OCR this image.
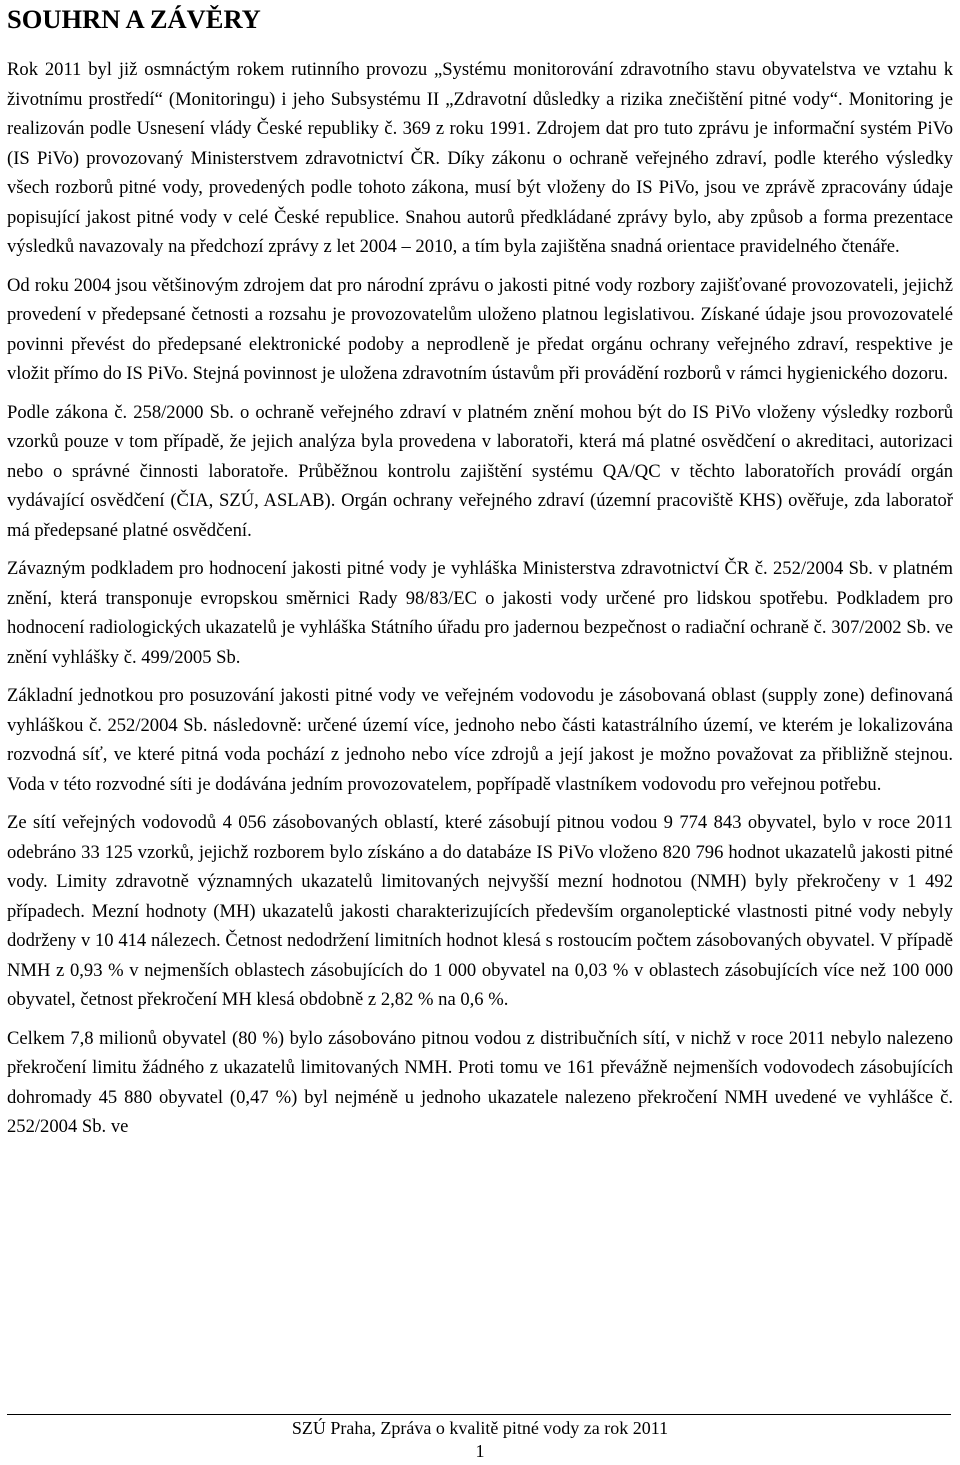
SOUHRN A ZÁVĚRY

Rok 2011 byl již osmnáctým rokem rutinního provozu „Systému monitorování zdravotního stavu obyvatelstva ve vztahu k životnímu prostředí“ (Monitoringu) i jeho Subsystému II „Zdravotní důsledky a rizika znečištění pitné vody“. Monitoring je realizován podle Usnesení vlády České republiky č. 369 z roku 1991. Zdrojem dat pro tuto zprávu je informační systém PiVo (IS PiVo) provozovaný Ministerstvem zdravotnictví ČR. Díky zákonu o ochraně veřejného zdraví, podle kterého výsledky všech rozborů pitné vody, provedených podle tohoto zákona, musí být vloženy do IS PiVo, jsou ve zprávě zpracovány údaje popisující jakost pitné vody v celé České republice. Snahou autorů předkládané zprávy bylo, aby způsob a forma prezentace výsledků navazovaly na předchozí zprávy z let 2004 – 2010, a tím byla zajištěna snadná orientace pravidelného čtenáře.

Od roku 2004 jsou většinovým zdrojem dat pro národní zprávu o jakosti pitné vody rozbory zajišťované provozovateli, jejichž provedení v předepsané četnosti a rozsahu je provozovatelům uloženo platnou legislativou. Získané údaje jsou provozovatelé povinni převést do předepsané elektronické podoby a neprodleně je předat orgánu ochrany veřejného zdraví, respektive je vložit přímo do IS PiVo. Stejná povinnost je uložena zdravotním ústavům při provádění rozborů v rámci hygienického dozoru.

Podle zákona č. 258/2000 Sb. o ochraně veřejného zdraví v platném znění mohou být do IS PiVo vloženy výsledky rozborů vzorků pouze v tom případě, že jejich analýza byla provedena v laboratoři, která má platné osvědčení o akreditaci, autorizaci nebo o správné činnosti laboratoře. Průběžnou kontrolu zajištění systému QA/QC v těchto laboratořích provádí orgán vydávající osvědčení (ČIA, SZÚ, ASLAB). Orgán ochrany veřejného zdraví (územní pracoviště KHS) ověřuje, zda laboratoř má předepsané platné osvědčení.

Závazným podkladem pro hodnocení jakosti pitné vody je vyhláška Ministerstva zdravotnictví ČR č. 252/2004 Sb. v platném znění, která transponuje evropskou směrnici Rady 98/83/EC o jakosti vody určené pro lidskou spotřebu. Podkladem pro hodnocení radiologických ukazatelů je vyhláška Státního úřadu pro jadernou bezpečnost o radiační ochraně č. 307/2002 Sb. ve znění vyhlášky č. 499/2005 Sb.

Základní jednotkou pro posuzování jakosti pitné vody ve veřejném vodovodu je zásobovaná oblast (supply zone) definovaná vyhláškou č. 252/2004 Sb. následovně: určené území více, jednoho nebo části katastrálního území, ve kterém je lokalizována rozvodná síť, ve které pitná voda pochází z jednoho nebo více zdrojů a její jakost je možno považovat za přibližně stejnou. Voda v této rozvodné síti je dodávána jedním provozovatelem, popřípadě vlastníkem vodovodu pro veřejnou potřebu.

Ze sítí veřejných vodovodů 4 056 zásobovaných oblastí, které zásobují pitnou vodou 9 774 843 obyvatel, bylo v roce 2011 odebráno 33 125 vzorků, jejichž rozborem bylo získáno a do databáze IS PiVo vloženo 820 796 hodnot ukazatelů jakosti pitné vody. Limity zdravotně významných ukazatelů limitovaných nejvyšší mezní hodnotou (NMH) byly překročeny v 1 492 případech. Mezní hodnoty (MH) ukazatelů jakosti charakterizujících především organoleptické vlastnosti pitné vody nebyly dodrženy v 10 414 nálezech. Četnost nedodržení limitních hodnot klesá s rostoucím počtem zásobovaných obyvatel. V případě NMH z 0,93 % v nejmenších oblastech zásobujících do 1 000 obyvatel na 0,03 % v oblastech zásobujících více než 100 000 obyvatel, četnost překročení MH klesá obdobně z 2,82 % na 0,6 %.

Celkem 7,8 milionů obyvatel (80 %) bylo zásobováno pitnou vodou z distribučních sítí, v nichž v roce 2011 nebylo nalezeno překročení limitu žádného z ukazatelů limitovaných NMH. Proti tomu ve 161 převážně nejmenších vodovodech zásobujících dohromady 45 880 obyvatel (0,47 %) byl nejméně u jednoho ukazatele nalezeno překročení NMH uvedené ve vyhlášce č. 252/2004 Sb. ve

SZÚ Praha, Zpráva o kvalitě pitné vody za rok 2011
1
